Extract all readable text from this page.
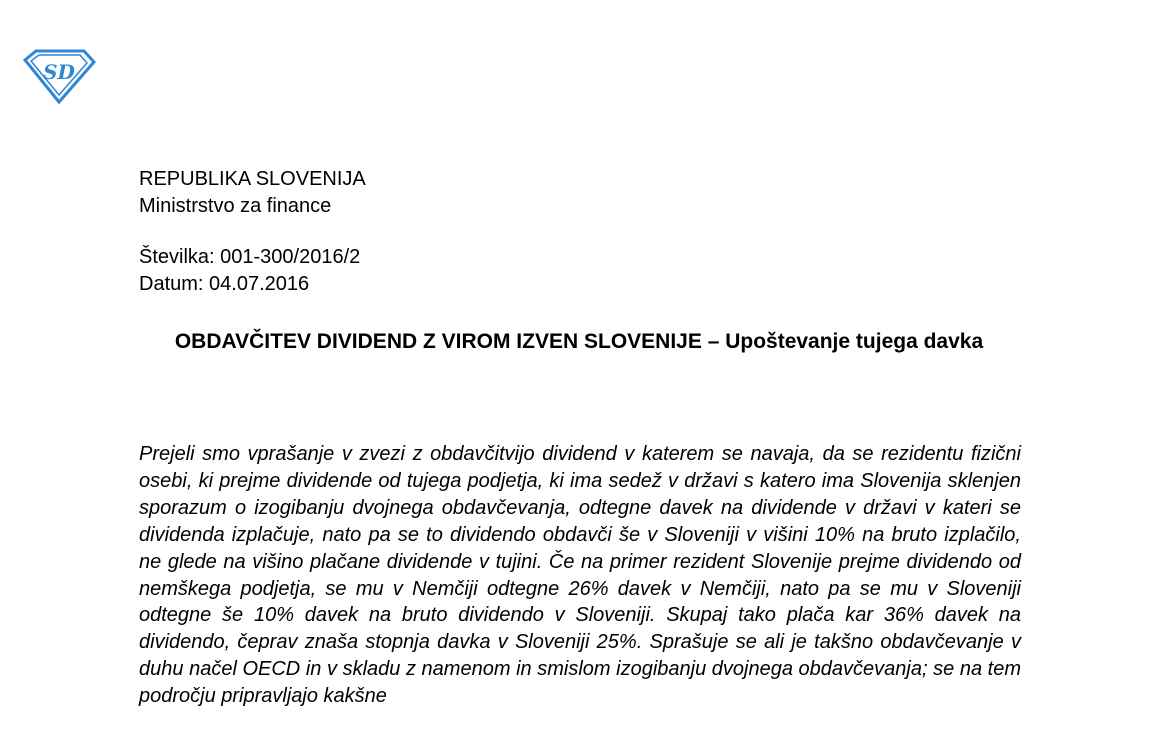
SD
REPUBLIKA SLOVENIJA
Ministrstvo za finance
Številka: 001-300/2016/2
Datum: 04.07.2016
OBDAVČITEV DIVIDEND Z VIROM IZVEN SLOVENIJE – Upoštevanje tujega davka

Prejeli smo vprašanje v zvezi z obdavčitvijo dividend v katerem se navaja, da se rezidentu fizični osebi, ki prejme dividende od tujega podjetja, ki ima sedež v državi s katero ima Slovenija sklenjen sporazum o izogibanju dvojnega obdavčevanja, odtegne davek na dividende v državi v kateri se dividenda izplačuje, nato pa se to dividendo obdavči še v Sloveniji v višini 10% na bruto izplačilo, ne glede na višino plačane dividende v tujini. Če na primer rezident Slovenije prejme dividendo od nemškega podjetja, se mu v Nemčiji odtegne 26% davek v Nemčiji, nato pa se mu v Sloveniji odtegne še 10% davek na bruto dividendo v Sloveniji. Skupaj tako plača kar 36% davek na dividendo, čeprav znaša stopnja davka v Sloveniji 25%. Sprašuje se ali je takšno obdavčevanje v duhu načel OECD in v skladu z namenom in smislom izogibanju dvojnega obdavčevanja; se na tem področju pripravljajo kakšne
